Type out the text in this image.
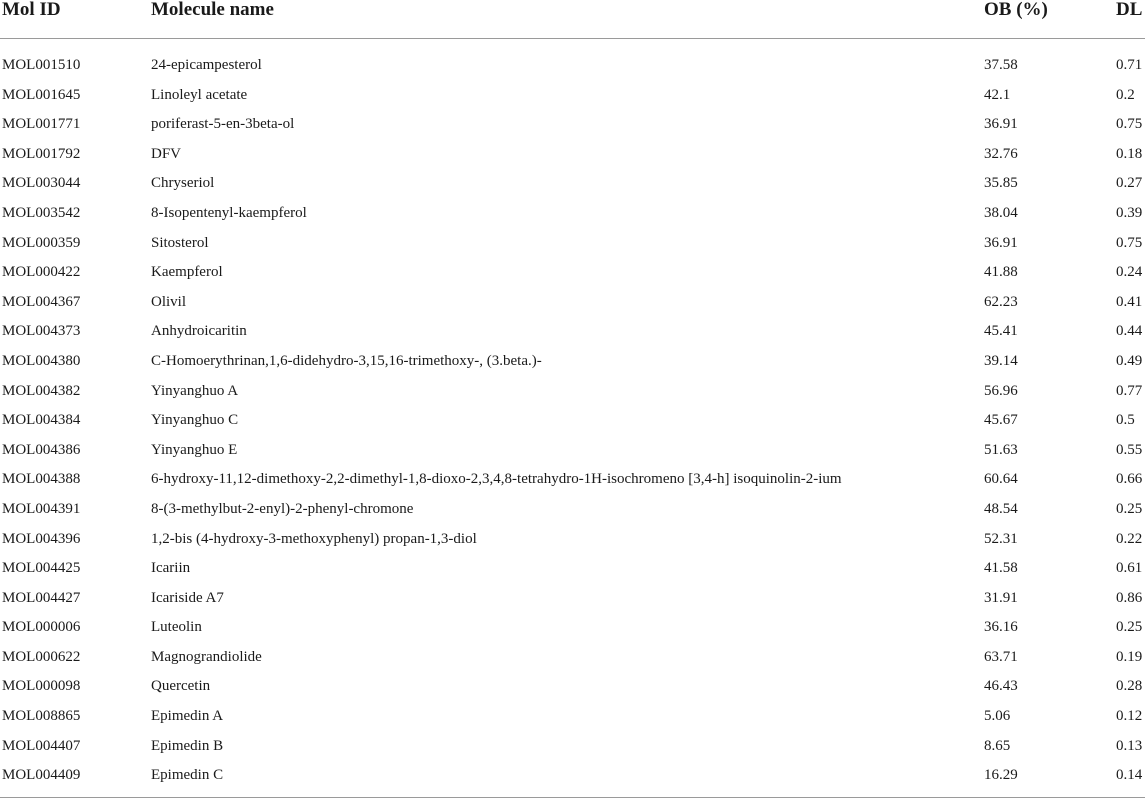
Mol ID	Molecule name	OB (%)	DL
MOL001510	24-epicampesterol	37.58	0.71
MOL001645	Linoleyl acetate	42.1	0.2
MOL001771	poriferast-5-en-3beta-ol	36.91	0.75
MOL001792	DFV	32.76	0.18
MOL003044	Chryseriol	35.85	0.27
MOL003542	8-Isopentenyl-kaempferol	38.04	0.39
MOL000359	Sitosterol	36.91	0.75
MOL000422	Kaempferol	41.88	0.24
MOL004367	Olivil	62.23	0.41
MOL004373	Anhydroicaritin	45.41	0.44
MOL004380	C-Homoerythrinan,1,6-didehydro-3,15,16-trimethoxy-, (3.beta.)-	39.14	0.49
MOL004382	Yinyanghuo A	56.96	0.77
MOL004384	Yinyanghuo C	45.67	0.5
MOL004386	Yinyanghuo E	51.63	0.55
MOL004388	6-hydroxy-11,12-dimethoxy-2,2-dimethyl-1,8-dioxo-2,3,4,8-tetrahydro-1H-isochromeno [3,4-h] isoquinolin-2-ium	60.64	0.66
MOL004391	8-(3-methylbut-2-enyl)-2-phenyl-chromone	48.54	0.25
MOL004396	1,2-bis (4-hydroxy-3-methoxyphenyl) propan-1,3-diol	52.31	0.22
MOL004425	Icariin	41.58	0.61
MOL004427	Icariside A7	31.91	0.86
MOL000006	Luteolin	36.16	0.25
MOL000622	Magnograndiolide	63.71	0.19
MOL000098	Quercetin	46.43	0.28
MOL008865	Epimedin A	5.06	0.12
MOL004407	Epimedin B	8.65	0.13
MOL004409	Epimedin C	16.29	0.14
